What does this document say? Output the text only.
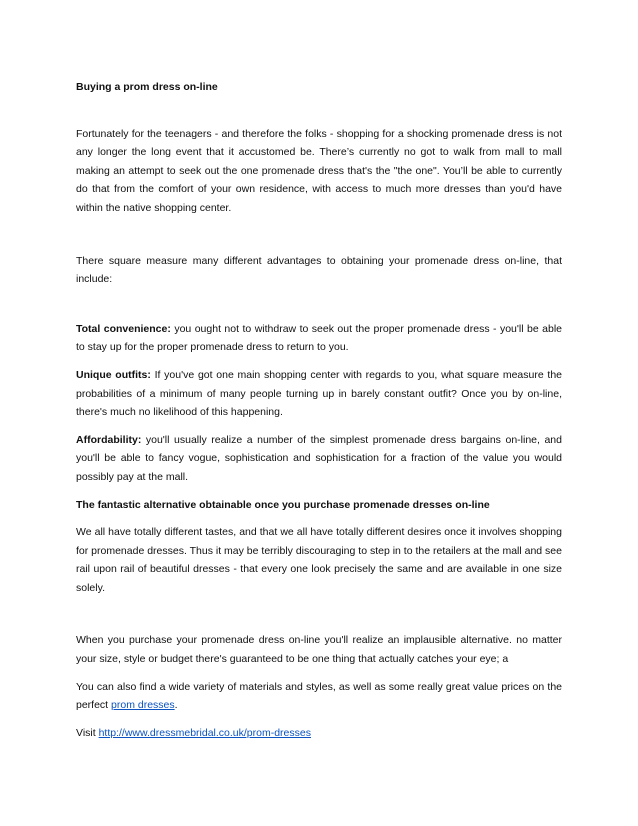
Buying a prom dress on-line

Fortunately for the teenagers - and therefore the folks - shopping for a shocking promenade dress is not any longer the long event that it accustomed be. There’s currently no got to walk from mall to mall making an attempt to seek out the one promenade dress that's the "the one". You’ll be able to currently do that from the comfort of your own residence, with access to much more dresses than you'd have within the native shopping center.

There square measure many different advantages to obtaining your promenade dress on-line, that include:

Total convenience: you ought not to withdraw to seek out the proper promenade dress - you'll be able to stay up for the proper promenade dress to return to you.

Unique outfits: If you've got one main shopping center with regards to you, what square measure the probabilities of a minimum of many people turning up in barely constant outfit? Once you by on-line, there's much no likelihood of this happening.

Affordability: you'll usually realize a number of the simplest promenade dress bargains on-line, and you'll be able to fancy vogue, sophistication and sophistication for a fraction of the value you would possibly pay at the mall.

The fantastic alternative obtainable once you purchase promenade dresses on-line

We all have totally different tastes, and that we all have totally different desires once it involves shopping for promenade dresses. Thus it may be terribly discouraging to step in to the retailers at the mall and see rail upon rail of beautiful dresses - that every one look precisely the same and are available in one size solely.

When you purchase your promenade dress on-line you'll realize an implausible alternative. no matter your size, style or budget there's guaranteed to be one thing that actually catches your eye; a

You can also find a wide variety of materials and styles, as well as some really great value prices on the perfect prom dresses.

Visit http://www.dressmebridal.co.uk/prom-dresses
